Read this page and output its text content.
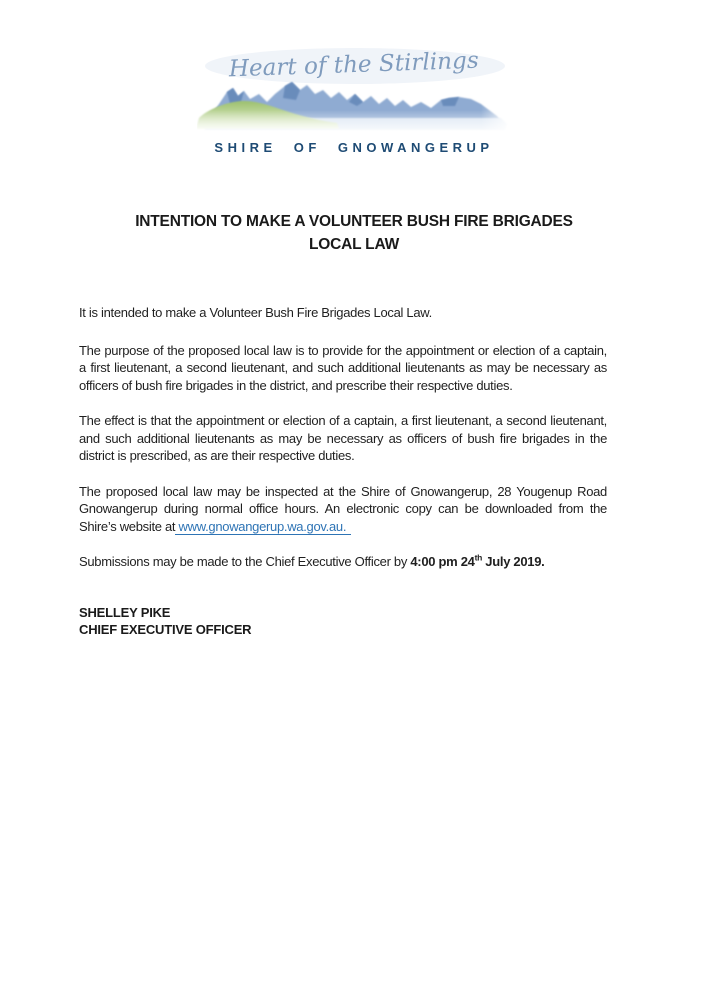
Heart of the Stirlings
SHIRE OF GNOWANGERUP
INTENTION TO MAKE A VOLUNTEER BUSH FIRE BRIGADES
LOCAL LAW

It is intended to make a Volunteer Bush Fire Brigades Local Law.

The purpose of the proposed local law is to provide for the appointment or election of a captain, a first lieutenant, a second lieutenant, and such additional lieutenants as may be necessary as officers of bush fire brigades in the district, and prescribe their respective duties.

The effect is that the appointment or election of a captain, a first lieutenant, a second lieutenant, and such additional lieutenants as may be necessary as officers of bush fire brigades in the district is prescribed, as are their respective duties.

The proposed local law may be inspected at the Shire of Gnowangerup, 28 Yougenup Road Gnowangerup during normal office hours. An electronic copy can be downloaded from the Shire’s website at www.gnowangerup.wa.gov.au.

Submissions may be made to the Chief Executive Officer by 4:00 pm 24th July 2019.

SHELLEY PIKE
CHIEF EXECUTIVE OFFICER
